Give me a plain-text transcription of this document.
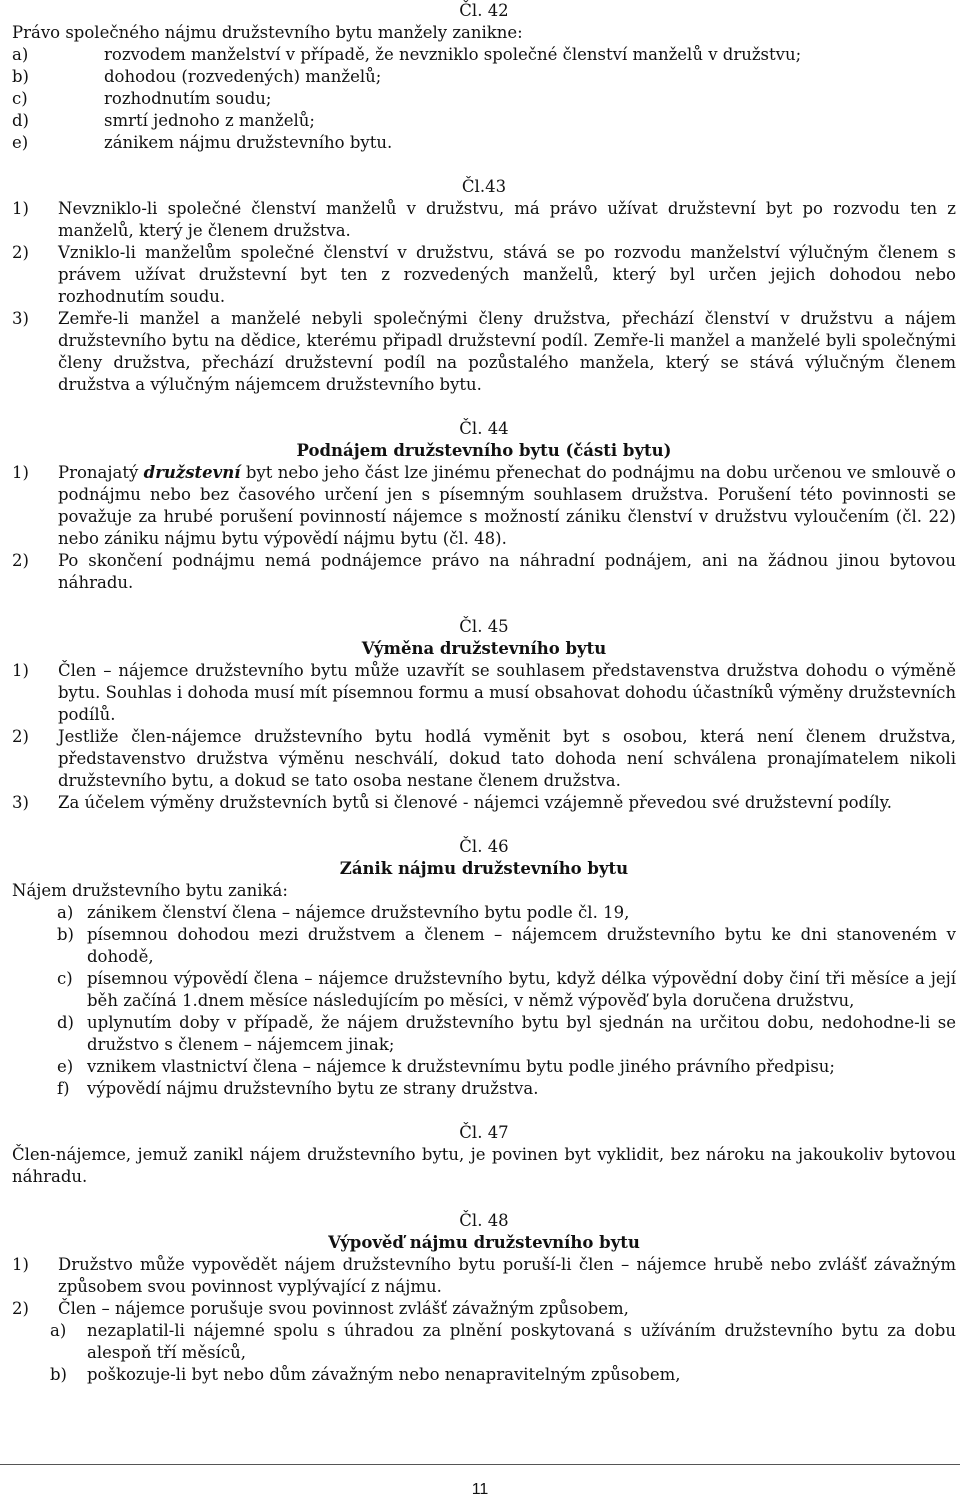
Čl. 42
Právo společného nájmu družstevního bytu manžely zanikne:
a)	rozvodem manželství v případě, že nevzniklo společné členství manželů v družstvu;
b)	dohodou (rozvedených) manželů;
c)	rozhodnutím soudu;
d)	smrtí jednoho z manželů;
e)	zánikem nájmu družstevního bytu.
Čl.43
1) Nevzniklo-li společné členství manželů v družstvu, má právo užívat družstevní byt po rozvodu ten z manželů, který je členem družstva.
2) Vzniklo-li manželům společné členství v družstvu, stává se po rozvodu manželství výlučným členem s právem užívat družstevní byt ten z rozvedených manželů, který byl určen jejich dohodou nebo rozhodnutím soudu.
3) Zemře-li manžel a manželé nebyli společnými členy družstva, přechází členství v družstvu a nájem družstevního bytu na dědice, kterému připadl družstevní podíl. Zemře-li manžel a manželé byli společnými členy družstva, přechází družstevní podíl na pozůstalého manžela, který se stává výlučným členem družstva a výlučným nájemcem družstevního bytu.
Čl. 44
Podnájem družstevního bytu (části bytu)
1) Pronajatý družstevní byt nebo jeho část lze jinému přenechat do podnájmu na dobu určenou ve smlouvě o podnájmu nebo bez časového určení jen s písemným souhlasem družstva. Porušení této povinnosti se považuje za hrubé porušení povinností nájemce s možností zániku členství v družstvu vyloučením (čl. 22) nebo zániku nájmu bytu výpovědí nájmu bytu (čl. 48).
2) Po skončení podnájmu nemá podnájemce právo na náhradní podnájem, ani na žádnou jinou bytovou náhradu.
Čl. 45
Výměna družstevního bytu
1) Člen – nájemce družstevního bytu může uzavřít se souhlasem představenstva družstva dohodu o výměně bytu. Souhlas i dohoda musí mít písemnou formu a musí obsahovat dohodu účastníků výměny družstevních podílů.
2) Jestliže člen-nájemce družstevního bytu hodlá vyměnit byt s osobou, která není členem družstva, představenstvo družstva výměnu neschválí, dokud tato dohoda není schválena pronajímatelem nikoli družstevního bytu, a dokud se tato osoba nestane členem družstva.
3) Za účelem výměny družstevních bytů si členové - nájemci vzájemně převedou své družstevní podíly.
Čl. 46
Zánik nájmu družstevního bytu
Nájem družstevního bytu zaniká:
a) zánikem členství člena – nájemce družstevního bytu podle čl. 19,
b) písemnou dohodou mezi družstvem a členem – nájemcem družstevního bytu ke dni stanoveném v dohodě,
c) písemnou výpovědí člena – nájemce družstevního bytu, když délka výpovědní doby činí tři měsíce a její běh začíná 1.dnem měsíce následujícím po měsíci, v němž výpověď byla doručena družstvu,
d) uplynutím doby v případě, že nájem družstevního bytu byl sjednán na určitou dobu, nedohodne-li se družstvo s členem – nájemcem jinak;
e) vznikem vlastnictví člena – nájemce k družstevnímu bytu podle jiného právního předpisu;
f) výpovědí nájmu družstevního bytu ze strany družstva.
Čl. 47
Člen-nájemce, jemuž zanikl nájem družstevního bytu, je povinen byt vyklidit, bez nároku na jakoukoliv bytovou náhradu.
Čl. 48
Výpověď nájmu družstevního bytu
1) Družstvo může vypovědět nájem družstevního bytu poruší-li člen – nájemce hrubě nebo zvlášť závažným způsobem svou povinnost vyplývající z nájmu.
2) Člen – nájemce porušuje svou povinnost zvlášť závažným způsobem,
a) nezaplatil-li nájemné spolu s úhradou za plnění poskytovaná s užíváním družstevního bytu za dobu alespoň tří měsíců,
b) poškozuje-li byt nebo dům závažným nebo nenapravitelným způsobem,
11
